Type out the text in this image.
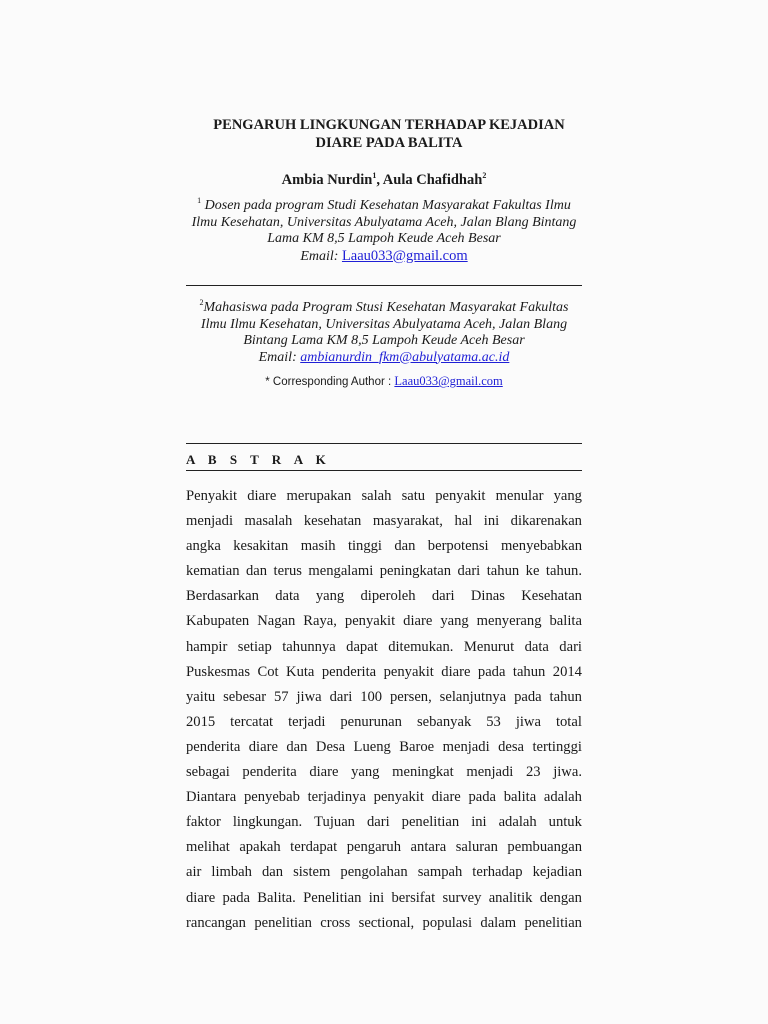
PENGARUH LINGKUNGAN TERHADAP KEJADIAN
DIARE PADA BALITA
Ambia Nurdin$^1$, Aula Chafidhah$^2$
$^1$ Dosen pada program Studi Kesehatan Masyarakat Fakultas Ilmu
Ilmu Kesehatan, Universitas Abulyatama Aceh, Jalan Blang Bintang
Lama KM 8,5 Lampoh Keude Aceh Besar
Email: Laau033@gmail.com
$^2$Mahasiswa pada Program Stusi Kesehatan Masyarakat Fakultas
Ilmu Ilmu Kesehatan, Universitas Abulyatama Aceh, Jalan Blang
Bintang Lama KM 8,5 Lampoh Keude Aceh Besar
Email: ambianurdin_fkm@abulyatama.ac.id
* Corresponding Author : Laau033@gmail.com
A B S T R A K
Penyakit diare merupakan salah satu penyakit menular yang
menjadi masalah kesehatan masyarakat, hal ini dikarenakan
angka kesakitan masih tinggi dan berpotensi menyebabkan
kematian dan terus mengalami peningkatan dari tahun ke tahun.
Berdasarkan data yang diperoleh dari Dinas Kesehatan
Kabupaten Nagan Raya, penyakit diare yang menyerang balita
hampir setiap tahunnya dapat ditemukan. Menurut data dari
Puskesmas Cot Kuta penderita penyakit diare pada tahun 2014
yaitu sebesar 57 jiwa dari 100 persen, selanjutnya pada tahun
2015 tercatat terjadi penurunan sebanyak 53 jiwa total
penderita diare dan Desa Lueng Baroe menjadi desa tertinggi
sebagai penderita diare yang meningkat menjadi 23 jiwa.
Diantara penyebab terjadinya penyakit diare pada balita adalah
faktor lingkungan. Tujuan dari penelitian ini adalah untuk
melihat apakah terdapat pengaruh antara saluran pembuangan
air limbah dan sistem pengolahan sampah terhadap kejadian
diare pada Balita. Penelitian ini bersifat survey analitik dengan
rancangan penelitian cross sectional, populasi dalam penelitian
